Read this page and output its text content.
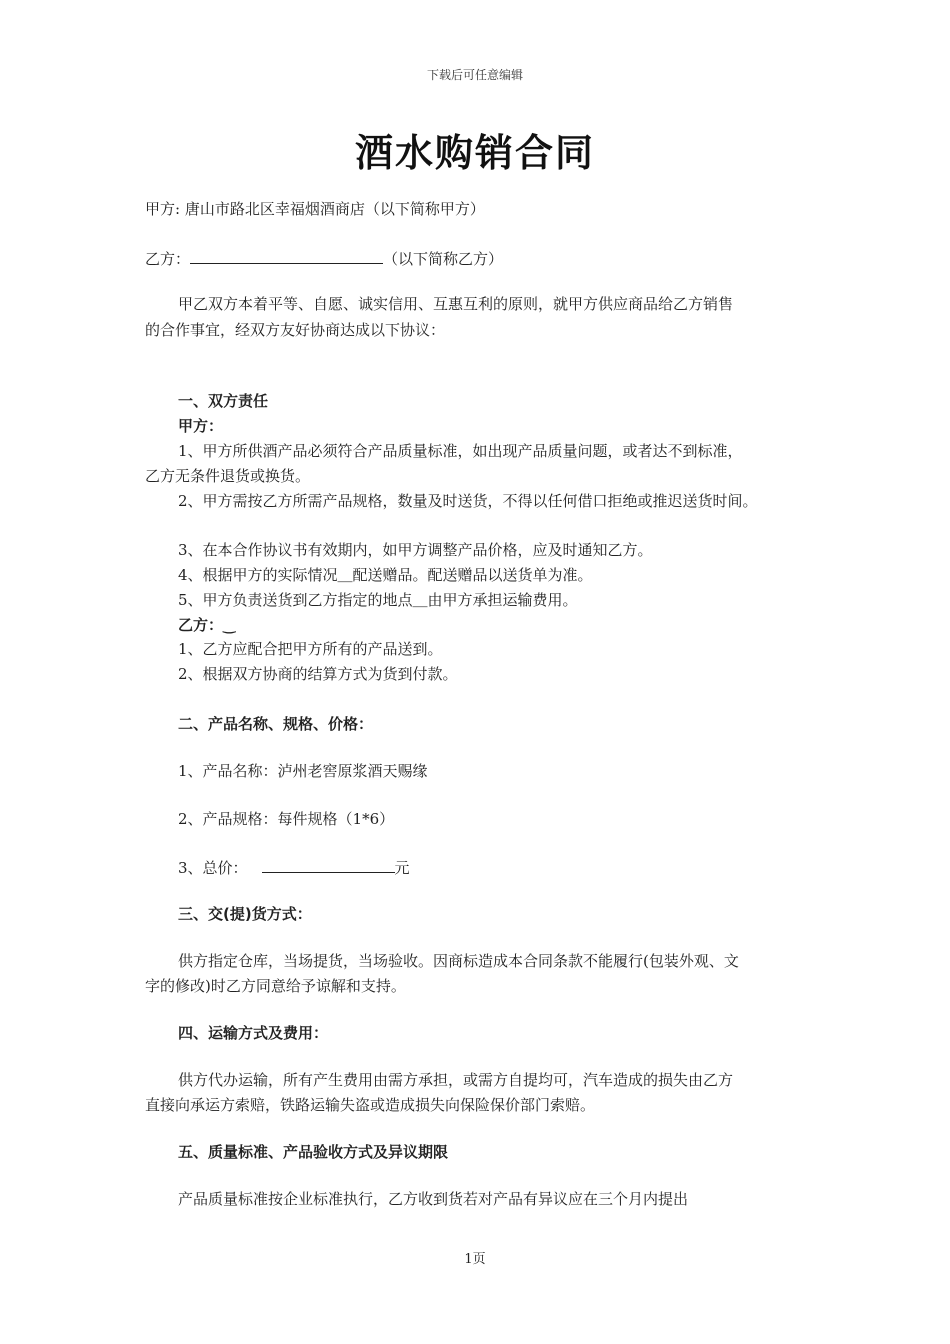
下载后可任意编辑
酒水购销合同
甲方: 唐山市路北区幸福烟酒商店（以下简称甲方）
乙方：	（以下简称乙方）
甲乙双方本着平等、自愿、诚实信用、互惠互利的原则，就甲方供应商品给乙方销售
的合作事宜，经双方友好协商达成以下协议：
一、双方责任
甲方：
1、甲方所供酒产品必须符合产品质量标准，如出现产品质量问题，或者达不到标准，
乙方无条件退货或换货。
2、甲方需按乙方所需产品规格，数量及时送货，不得以任何借口拒绝或推迟送货时间。
3、在本合作协议书有效期内，如甲方调整产品价格，应及时通知乙方。
4、根据甲方的实际情况＿配送赠品。配送赠品以送货单为准。
5、甲方负责送货到乙方指定的地点＿由甲方承担运输费用。
乙方：‿
1、乙方应配合把甲方所有的产品送到。
2、根据双方协商的结算方式为货到付款。
二、产品名称、规格、价格：
1、产品名称：泸州老窖原浆酒天赐缘
2、产品规格：每件规格（1*6）
3、总价：	元
三、交(提)货方式：
供方指定仓库，当场提货，当场验收。因商标造成本合同条款不能履行(包装外观、文
字的修改)时乙方同意给予谅解和支持。
四、运输方式及费用：
供方代办运输，所有产生费用由需方承担，或需方自提均可，汽车造成的损失由乙方
直接向承运方索赔，铁路运输失盗或造成损失向保险保价部门索赔。
五、质量标准、产品验收方式及异议期限
产品质量标准按企业标准执行，乙方收到货若对产品有异议应在三个月内提出
1页
